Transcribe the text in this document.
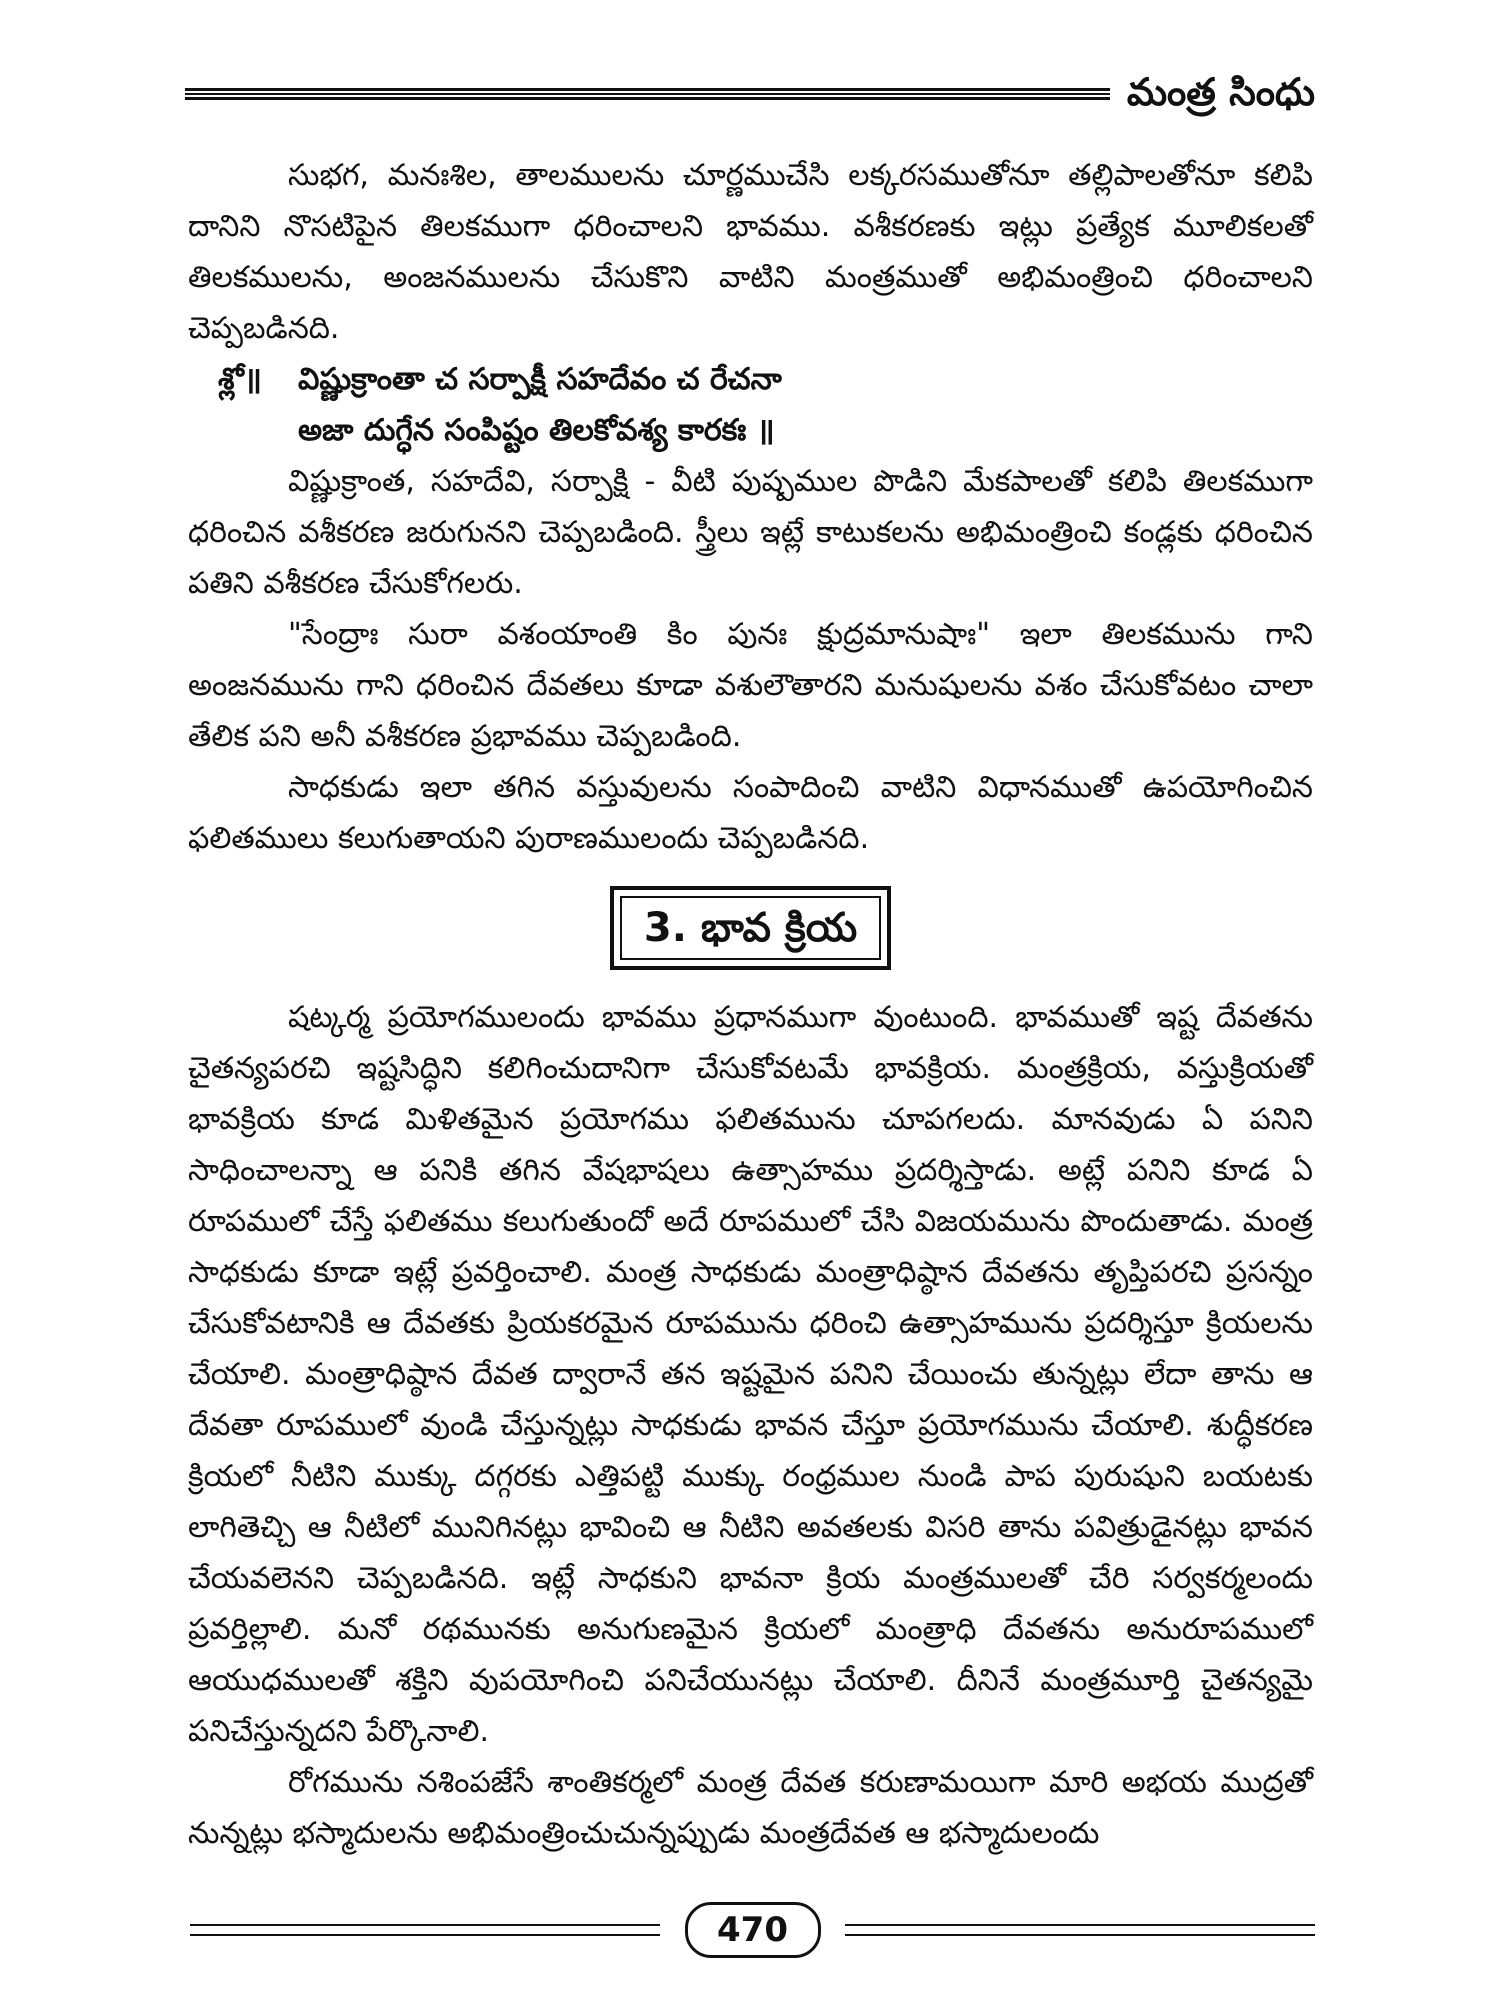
మంత్ర సింధు

సుభగ, మనఃశిల, తాలములను చూర్ణముచేసి లక్కరసముతోనూ తల్లిపాలతోనూ కలిపి దానిని నొసటిపైన తిలకముగా ధరించాలని భావము. వశీకరణకు ఇట్లు ప్రత్యేక మూలికలతో తిలకములను, అంజనములను చేసుకొని వాటిని మంత్రముతో అభిమంత్రించి ధరించాలని చెప్పబడినది.

శ్లో॥ విష్ణుక్రాంతా చ సర్పాక్షీ సహదేవం చ రేచనా
అజా దుగ్ధేన సంపిష్టం తిలకోవశ్య కారకః ॥

విష్ణుక్రాంత, సహదేవి, సర్పాక్షి - వీటి పుష్పముల పొడిని మేకపాలతో కలిపి తిలకముగా ధరించిన వశీకరణ జరుగునని చెప్పబడింది. స్త్రీలు ఇట్లే కాటుకలను అభిమంత్రించి కండ్లకు ధరించిన పతిని వశీకరణ చేసుకోగలరు.

"సేంద్రాః సురా వశంయాంతి కిం పునః క్షుద్రమానుషాః" ఇలా తిలకమును గాని అంజనమును గాని ధరించిన దేవతలు కూడా వశులౌతారని మనుషులను వశం చేసుకోవటం చాలా తేలిక పని అనీ వశీకరణ ప్రభావము చెప్పబడింది.

సాధకుడు ఇలా తగిన వస్తువులను సంపాదించి వాటిని విధానముతో ఉపయోగించిన ఫలితములు కలుగుతాయని పురాణములందు చెప్పబడినది.

3. భావ క్రియ

షట్కర్మ ప్రయోగములందు భావము ప్రధానముగా వుంటుంది. భావముతో ఇష్ట దేవతను చైతన్యపరచి ఇష్టసిద్ధిని కలిగించుదానిగా చేసుకోవటమే భావక్రియ. మంత్రక్రియ, వస్తుక్రియతో భావక్రియ కూడ మిళితమైన ప్రయోగము ఫలితమును చూపగలదు. మానవుడు ఏ పనిని సాధించాలన్నా ఆ పనికి తగిన వేషభాషలు ఉత్సాహము ప్రదర్శిస్తాడు. అట్లే పనిని కూడ ఏ రూపములో చేస్తే ఫలితము కలుగుతుందో అదే రూపములో చేసి విజయమును పొందుతాడు. మంత్ర సాధకుడు కూడా ఇట్లే ప్రవర్తించాలి. మంత్ర సాధకుడు మంత్రాధిష్ఠాన దేవతను తృప్తిపరచి ప్రసన్నం చేసుకోవటానికి ఆ దేవతకు ప్రియకరమైన రూపమును ధరించి ఉత్సాహమును ప్రదర్శిస్తూ క్రియలను చేయాలి. మంత్రాధిష్ఠాన దేవత ద్వారానే తన ఇష్టమైన పనిని చేయించు తున్నట్లు లేదా తాను ఆ దేవతా రూపములో వుండి చేస్తున్నట్లు సాధకుడు భావన చేస్తూ ప్రయోగమును చేయాలి. శుద్ధీకరణ క్రియలో నీటిని ముక్కు దగ్గరకు ఎత్తిపట్టి ముక్కు రంధ్రముల నుండి పాప పురుషుని బయటకు లాగితెచ్చి ఆ నీటిలో మునిగినట్లు భావించి ఆ నీటిని అవతలకు విసరి తాను పవిత్రుడైనట్లు భావన చేయవలెనని చెప్పబడినది. ఇట్లే సాధకుని భావనా క్రియ మంత్రములతో చేరి సర్వకర్మలందు ప్రవర్తిల్లాలి. మనో రథమునకు అనుగుణమైన క్రియలో మంత్రాధి దేవతను అనురూపములో ఆయుధములతో శక్తిని వుపయోగించి పనిచేయునట్లు చేయాలి. దీనినే మంత్రమూర్తి చైతన్యమై పనిచేస్తున్నదని పేర్కొనాలి.

రోగమును నశింపజేసే శాంతికర్మలో మంత్ర దేవత కరుణామయిగా మారి అభయ ముద్రతో నున్నట్లు భస్మాదులను అభిమంత్రించుచున్నప్పుడు మంత్రదేవత ఆ భస్మాదులందు

470
